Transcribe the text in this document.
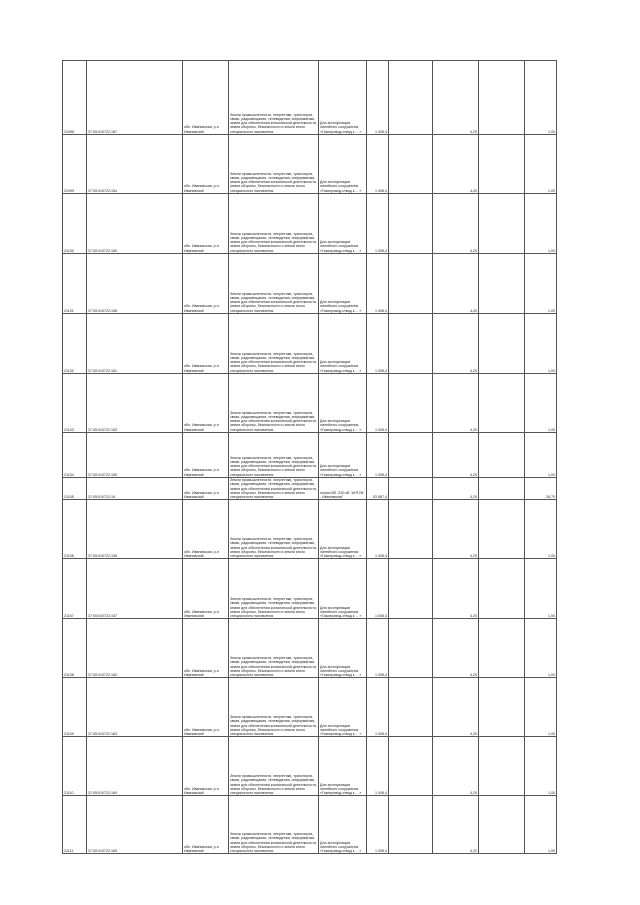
21098	37:05:010722:187	обл. Ивановская, р-н Ивановский	Земли промышленности, энергетики, транспорта, связи, радиовещания, телевидения, информатики, земли для обеспечения космической деятельности, земли обороны, безопасности и земли иного специального назначения	Для эксплуатации линейного сооружения «Газопровод-отвод к ... »	1 008,4		4,20		1,00
21099	37:05:010722:154	обл. Ивановская, р-н Ивановский	Земли промышленности, энергетики, транспорта, связи, радиовещания, телевидения, информатики, земли для обеспечения космической деятельности, земли обороны, безопасности и земли иного специального назначения	Для эксплуатации линейного сооружения «Газопровод-отвод к ... »	1 008,4		4,20		1,00
21100	37:05:010722:160	обл. Ивановская, р-н Ивановский	Земли промышленности, энергетики, транспорта, связи, радиовещания, телевидения, информатики, земли для обеспечения космической деятельности, земли обороны, безопасности и земли иного специального назначения	Для эксплуатации линейного сооружения «Газопровод-отвод к ... »	1 008,4		4,20		1,00
21101	37:05:010722:158	обл. Ивановская, р-н Ивановский	Земли промышленности, энергетики, транспорта, связи, радиовещания, телевидения, информатики, земли для обеспечения космической деятельности, земли обороны, безопасности и земли иного специального назначения	Для эксплуатации линейного сооружения «Газопровод-отвод к ... »	1 008,4		4,20		1,00
21102	37:05:010722:161	обл. Ивановская, р-н Ивановский	Земли промышленности, энергетики, транспорта, связи, радиовещания, телевидения, информатики, земли для обеспечения космической деятельности, земли обороны, безопасности и земли иного специального назначения	Для эксплуатации линейного сооружения «Газопровод-отвод к ... »	1 008,4		4,20		1,00
21103	37:05:010722:153	обл. Ивановская, р-н Ивановский	Земли промышленности, энергетики, транспорта, связи, радиовещания, телевидения, информатики, земли для обеспечения космической деятельности, земли обороны, безопасности и земли иного специального назначения	Для эксплуатации линейного сооружения «Газопровод-отвод к ... »	1 008,4		4,20		1,00
21104	37:05:010722:159	обл. Ивановская, р-н Ивановский	Земли промышленности, энергетики, транспорта, связи, радиовещания, телевидения, информатики, земли для обеспечения космической деятельности, земли обороны, безопасности и земли иного специального назначения	Для эксплуатации линейного сооружения «Газопровод-отвод к ... »	1 008,4		4,20		1,00
21105	37:05:010722:16	обл. Ивановская, р-н Ивановский	Земли промышленности, энергетики, транспорта, связи, радиовещания, телевидения, информатики, земли для обеспечения космической деятельности, земли обороны, безопасности и земли иного специального назначения	опоры ВЛ -220 кВ "АНТОК - Ивановская"	53 887,4		4,20		26,70
21106	37:05:010722:155	обл. Ивановская, р-н Ивановский	Земли промышленности, энергетики, транспорта, связи, радиовещания, телевидения, информатики, земли для обеспечения космической деятельности, земли обороны, безопасности и земли иного специального назначения	Для эксплуатации линейного сооружения «Газопровод-отвод к ... »	1 008,4		4,20		1,00
21107	37:05:010722:157	обл. Ивановская, р-н Ивановский	Земли промышленности, энергетики, транспорта, связи, радиовещания, телевидения, информатики, земли для обеспечения космической деятельности, земли обороны, безопасности и земли иного специального назначения	Для эксплуатации линейного сооружения «Газопровод-отвод к ... »	1 008,4		4,20		1,00
21108	37:05:010722:162	обл. Ивановская, р-н Ивановский	Земли промышленности, энергетики, транспорта, связи, радиовещания, телевидения, информатики, земли для обеспечения космической деятельности, земли обороны, безопасности и земли иного специального назначения	Для эксплуатации линейного сооружения «Газопровод-отвод к ... »	1 008,4		4,20		1,00
21109	37:05:010722:163	обл. Ивановская, р-н Ивановский	Земли промышленности, энергетики, транспорта, связи, радиовещания, телевидения, информатики, земли для обеспечения космической деятельности, земли обороны, безопасности и земли иного специального назначения	Для эксплуатации линейного сооружения «Газопровод-отвод к ... »	1 008,4		4,20		1,00
21110	37:05:010722:164	обл. Ивановская, р-н Ивановский	Земли промышленности, энергетики, транспорта, связи, радиовещания, телевидения, информатики, земли для обеспечения космической деятельности, земли обороны, безопасности и земли иного специального назначения	Для эксплуатации линейного сооружения «Газопровод-отвод к ... »	1 008,4		4,20		1,00
21111	37:05:010722:165	обл. Ивановская, р-н Ивановский	Земли промышленности, энергетики, транспорта, связи, радиовещания, телевидения, информатики, земли для обеспечения космической деятельности, земли обороны, безопасности и земли иного специального назначения	Для эксплуатации линейного сооружения «Газопровод-отвод к ... »	1 008,4		4,20		1,00
